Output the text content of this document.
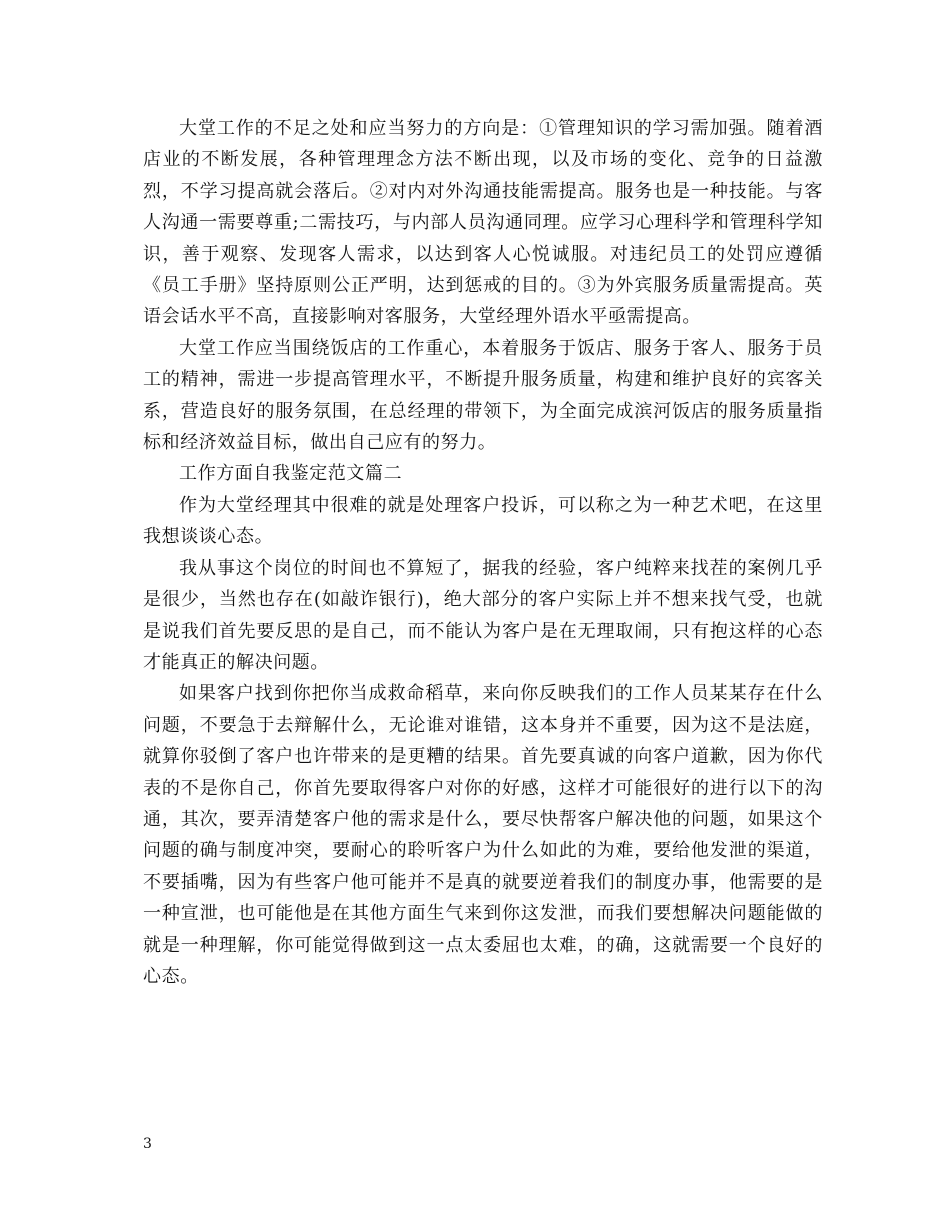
大堂工作的不足之处和应当努力的方向是：①管理知识的学习需加强。随着酒店业的不断发展，各种管理理念方法不断出现，以及市场的变化、竞争的日益激烈，不学习提高就会落后。②对内对外沟通技能需提高。服务也是一种技能。与客人沟通一需要尊重;二需技巧，与内部人员沟通同理。应学习心理科学和管理科学知识，善于观察、发现客人需求，以达到客人心悦诚服。对违纪员工的处罚应遵循《员工手册》坚持原则公正严明，达到惩戒的目的。③为外宾服务质量需提高。英语会话水平不高，直接影响对客服务，大堂经理外语水平亟需提高。

大堂工作应当围绕饭店的工作重心，本着服务于饭店、服务于客人、服务于员工的精神，需进一步提高管理水平，不断提升服务质量，构建和维护良好的宾客关系，营造良好的服务氛围，在总经理的带领下，为全面完成滨河饭店的服务质量指标和经济效益目标，做出自己应有的努力。

工作方面自我鉴定范文篇二

作为大堂经理其中很难的就是处理客户投诉，可以称之为一种艺术吧，在这里我想谈谈心态。

我从事这个岗位的时间也不算短了，据我的经验，客户纯粹来找茬的案例几乎是很少，当然也存在(如敲诈银行)，绝大部分的客户实际上并不想来找气受，也就是说我们首先要反思的是自己，而不能认为客户是在无理取闹，只有抱这样的心态才能真正的解决问题。

如果客户找到你把你当成救命稻草，来向你反映我们的工作人员某某存在什么问题，不要急于去辩解什么，无论谁对谁错，这本身并不重要，因为这不是法庭，就算你驳倒了客户也许带来的是更糟的结果。首先要真诚的向客户道歉，因为你代表的不是你自己，你首先要取得客户对你的好感，这样才可能很好的进行以下的沟通，其次，要弄清楚客户他的需求是什么，要尽快帮客户解决他的问题，如果这个问题的确与制度冲突，要耐心的聆听客户为什么如此的为难，要给他发泄的渠道，不要插嘴，因为有些客户他可能并不是真的就要逆着我们的制度办事，他需要的是一种宣泄，也可能他是在其他方面生气来到你这发泄，而我们要想解决问题能做的就是一种理解，你可能觉得做到这一点太委屈也太难，的确，这就需要一个良好的心态。

3
